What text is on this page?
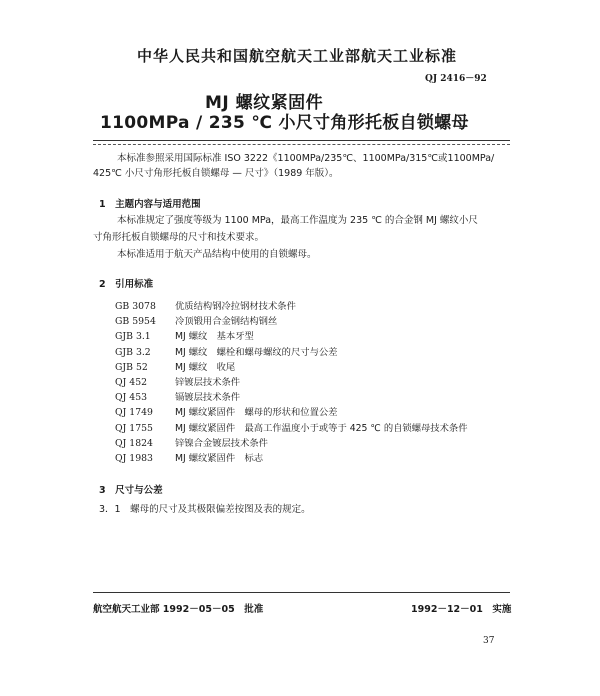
中华人民共和国航空航天工业部航天工业标准
QJ 2416－92
MJ 螺纹紧固件
1100MPa / 235 ℃ 小尺寸角形托板自锁螺母
本标准参照采用国际标准 ISO 3222《1100MPa/235℃、1100MPa/315℃或1100MPa/
425℃ 小尺寸角形托板自锁螺母 — 尺寸》（1989 年版）。
1　主题内容与适用范围
本标准规定了强度等级为 1100 MPa，最高工作温度为 235 ℃ 的合金钢 MJ 螺纹小尺
寸角形托板自锁螺母的尺寸和技术要求。
本标准适用于航天产品结构中使用的自锁螺母。
2　引用标准
GB 3078	优质结构钢冷拉钢材技术条件
GB 5954	冷顶锻用合金钢结构钢丝
GJB 3.1	MJ 螺纹　基本牙型
GJB 3.2	MJ 螺纹　螺栓和螺母螺纹的尺寸与公差
GJB 52	MJ 螺纹　收尾
QJ 452	锌镀层技术条件
QJ 453	镉镀层技术条件
QJ 1749	MJ 螺纹紧固件　螺母的形状和位置公差
QJ 1755	MJ 螺纹紧固件　最高工作温度小于或等于 425 ℃ 的自锁螺母技术条件
QJ 1824	锌镍合金镀层技术条件
QJ 1983	MJ 螺纹紧固件　标志
3　尺寸与公差
3．1　螺母的尺寸及其极限偏差按图及表的规定。
航空航天工业部 1992－05－05　批准	1992－12－01　实施
37
